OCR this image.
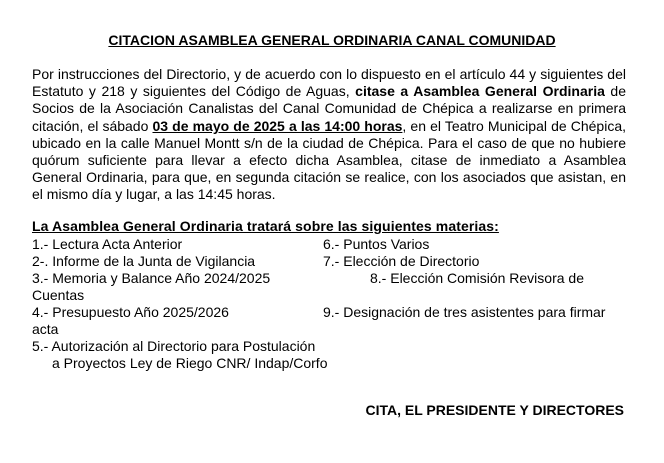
CITACION ASAMBLEA GENERAL ORDINARIA CANAL COMUNIDAD

Por instrucciones del Directorio, y de acuerdo con lo dispuesto en el artículo 44 y siguientes del Estatuto y 218 y siguientes del Código de Aguas, citase a Asamblea General Ordinaria de Socios de la Asociación Canalistas del Canal Comunidad de Chépica a realizarse en primera citación, el sábado 03 de mayo de 2025 a las 14:00 horas, en el Teatro Municipal de Chépica, ubicado en la calle Manuel Montt s/n de la ciudad de Chépica. Para el caso de que no hubiere quórum suficiente para llevar a efecto dicha Asamblea, citase de inmediato a Asamblea General Ordinaria, para que, en segunda citación se realice, con los asociados que asistan, en el mismo día y lugar, a las 14:45 horas.

La Asamblea General Ordinaria tratará sobre las siguientes materias:

1.- Lectura Acta Anterior	6.- Puntos Varios

2-. Informe de la Junta de Vigilancia	7.- Elección de Directorio

3.- Memoria y Balance Año 2024/2025	8.- Elección Comisión Revisora de

Cuentas

4.- Presupuesto Año 2025/2026	9.- Designación de tres asistentes para firmar

acta

5.- Autorización al Directorio para Postulación

a Proyectos Ley de Riego CNR/ Indap/Corfo

CITA, EL PRESIDENTE Y DIRECTORES
